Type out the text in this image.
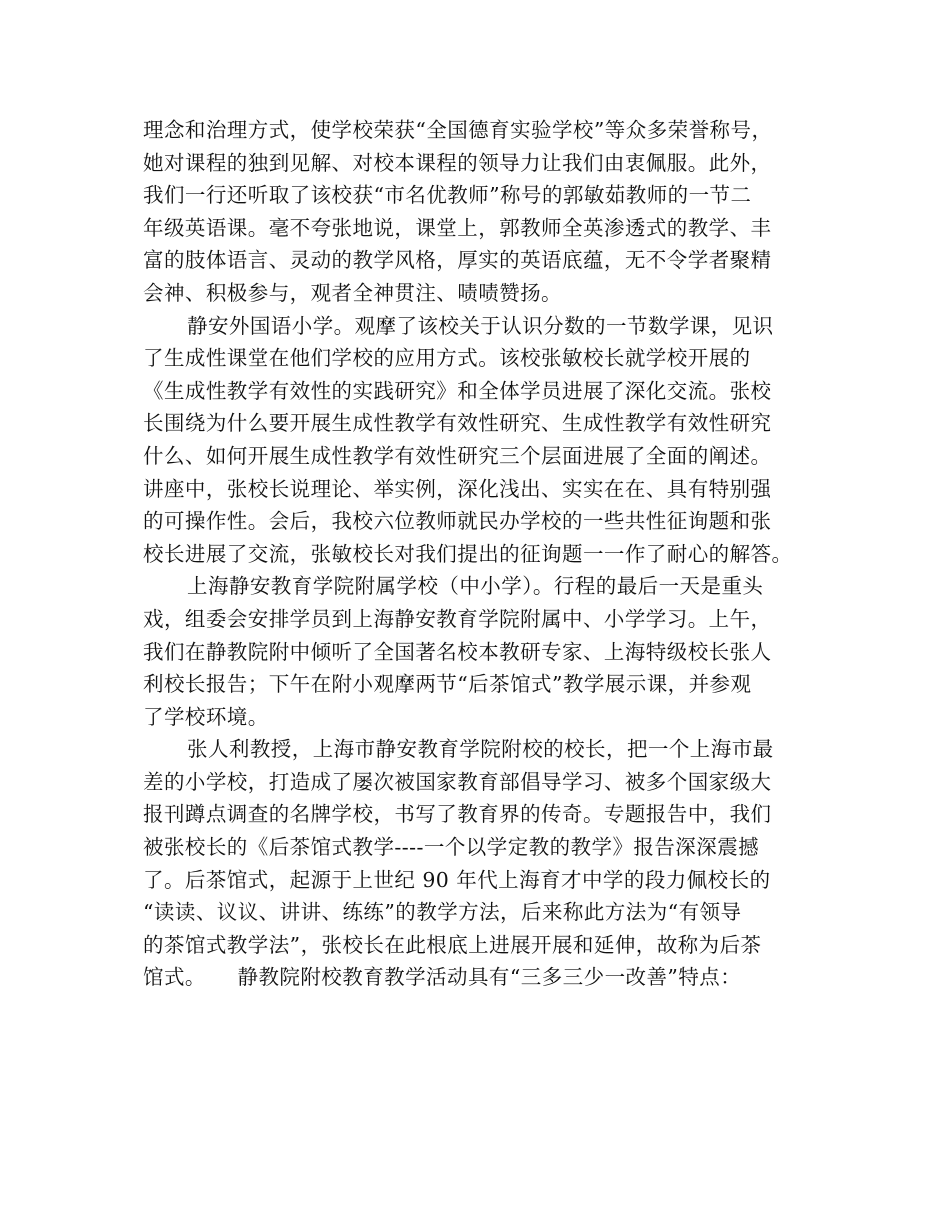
理念和治理方式，使学校荣获“全国德育实验学校”等众多荣誉称号，
她对课程的独到见解、对校本课程的领导力让我们由衷佩服。此外，
我们一行还听取了该校获“市名优教师”称号的郭敏茹教师的一节二
年级英语课。毫不夸张地说，课堂上，郭教师全英渗透式的教学、丰
富的肢体语言、灵动的教学风格，厚实的英语底蕴，无不令学者聚精
会神、积极参与，观者全神贯注、啧啧赞扬。
静安外国语小学。观摩了该校关于认识分数的一节数学课，见识
了生成性课堂在他们学校的应用方式。该校张敏校长就学校开展的
《生成性教学有效性的实践研究》和全体学员进展了深化交流。张校
长围绕为什么要开展生成性教学有效性研究、生成性教学有效性研究
什么、如何开展生成性教学有效性研究三个层面进展了全面的阐述。
讲座中，张校长说理论、举实例，深化浅出、实实在在、具有特别强
的可操作性。会后，我校六位教师就民办学校的一些共性征询题和张
校长进展了交流，张敏校长对我们提出的征询题一一作了耐心的解答。
上海静安教育学院附属学校（中小学）。行程的最后一天是重头
戏，组委会安排学员到上海静安教育学院附属中、小学学习。上午，
我们在静教院附中倾听了全国著名校本教研专家、上海特级校长张人
利校长报告；下午在附小观摩两节“后茶馆式”教学展示课，并参观
了学校环境。
张人利教授，上海市静安教育学院附校的校长，把一个上海市最
差的小学校，打造成了屡次被国家教育部倡导学习、被多个国家级大
报刊蹲点调查的名牌学校，书写了教育界的传奇。专题报告中，我们
被张校长的《后茶馆式教学----一个以学定教的教学》报告深深震撼
了。后茶馆式，起源于上世纪 90 年代上海育才中学的段力佩校长的
“读读、议议、讲讲、练练”的教学方法，后来称此方法为“有领导
的茶馆式教学法”，张校长在此根底上进展开展和延伸，故称为后茶
馆式。　　静教院附校教育教学活动具有“三多三少一改善”特点：
